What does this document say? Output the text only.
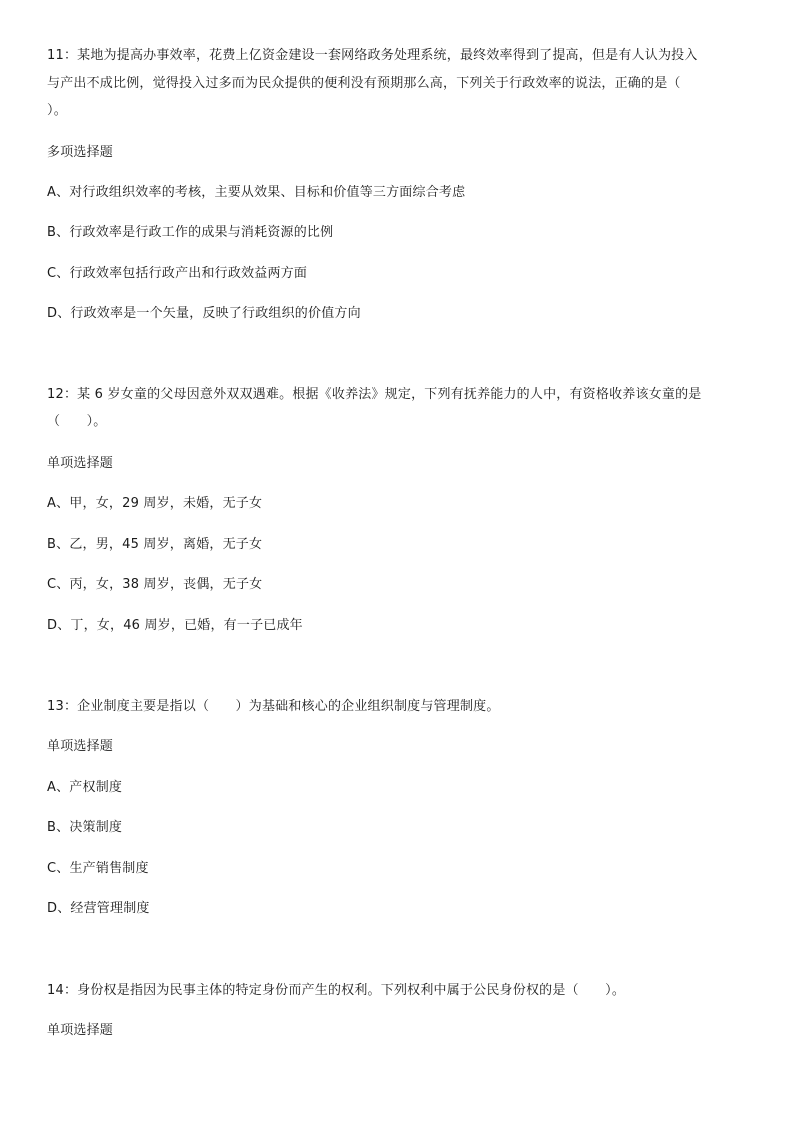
11：某地为提高办事效率，花费上亿资金建设一套网络政务处理系统，最终效率得到了提高，但是有人认为投入
与产出不成比例，觉得投入过多而为民众提供的便利没有预期那么高，下列关于行政效率的说法，正确的是（
）。
多项选择题
A、对行政组织效率的考核，主要从效果、目标和价值等三方面综合考虑
B、行政效率是行政工作的成果与消耗资源的比例
C、行政效率包括行政产出和行政效益两方面
D、行政效率是一个矢量，反映了行政组织的价值方向
12：某 6 岁女童的父母因意外双双遇难。根据《收养法》规定，下列有抚养能力的人中，有资格收养该女童的是
（　　）。
单项选择题
A、甲，女，29 周岁，未婚，无子女
B、乙，男，45 周岁，离婚，无子女
C、丙，女，38 周岁，丧偶，无子女
D、丁，女，46 周岁，已婚，有一子已成年
13：企业制度主要是指以（　　）为基础和核心的企业组织制度与管理制度。
单项选择题
A、产权制度
B、决策制度
C、生产销售制度
D、经营管理制度
14：身份权是指因为民事主体的特定身份而产生的权利。下列权利中属于公民身份权的是（　　）。
单项选择题
